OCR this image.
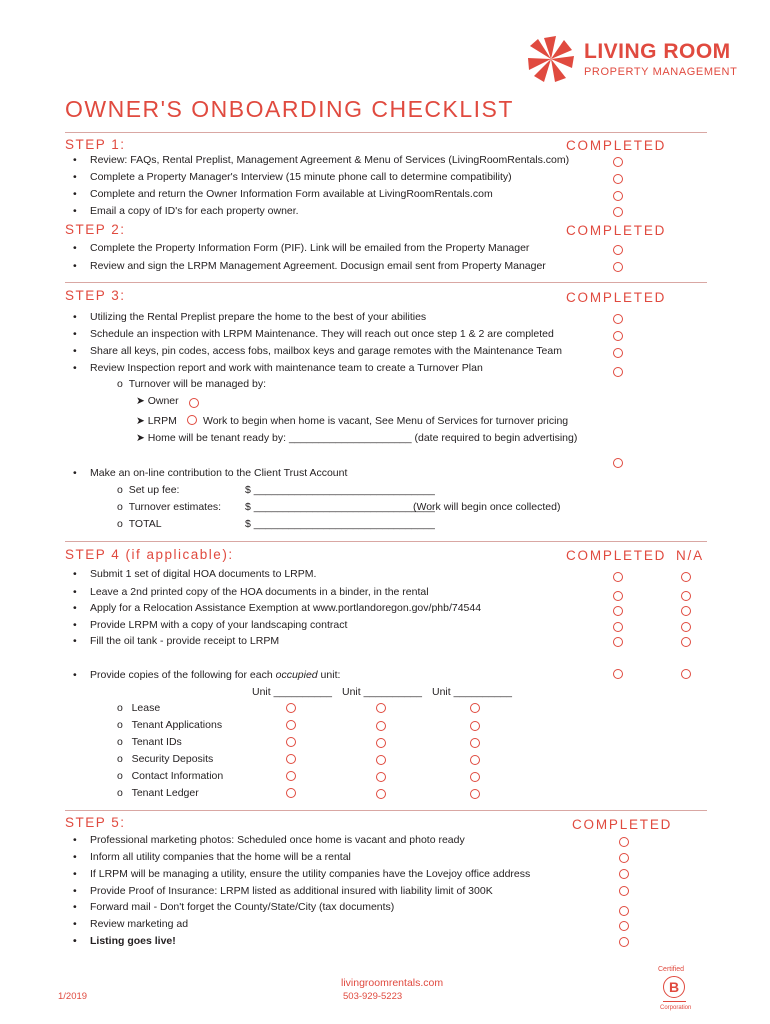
LIVING ROOM
PROPERTY MANAGEMENT
OWNER'S ONBOARDING CHECKLIST
STEP 1:	COMPLETED
• Review: FAQs, Rental Preplist, Management Agreement & Menu of Services (LivingRoomRentals.com)
• Complete a Property Manager's Interview (15 minute phone call to determine compatibility)
• Complete and return the Owner Information Form available at LivingRoomRentals.com
• Email a copy of ID's for each property owner.
STEP 2:	COMPLETED
• Complete the Property Information Form (PIF). Link will be emailed from the Property Manager
• Review and sign the LRPM Management Agreement. Docusign email sent from Property Manager
STEP 3:	COMPLETED
• Utilizing the Rental Preplist prepare the home to the best of your abilities
• Schedule an inspection with LRPM Maintenance. They will reach out once step 1 & 2 are completed
• Share all keys, pin codes, access fobs, mailbox keys and garage remotes with the Maintenance Team
• Review Inspection report and work with maintenance team to create a Turnover Plan
o  Turnover will be managed by:
➤ Owner
➤ LRPM Work to begin when home is vacant, See Menu of Services for turnover pricing
➤ Home will be tenant ready by: _____________________ (date required to begin advertising)
• Make an on-line contribution to the Client Trust Account
o  Set up fee:	$ _______________________________
o  Turnover estimates: $ _______________________________
(Work will begin once collected)
o  TOTAL	$ _______________________________
STEP 4 (if applicable):	COMPLETED N/A
• Submit 1 set of digital HOA documents to LRPM.
• Leave a 2nd printed copy of the HOA documents in a binder, in the rental
• Apply for a Relocation Assistance Exemption at www.portlandoregon.gov/phb/74544
• Provide LRPM with a copy of your landscaping contract
• Fill the oil tank - provide receipt to LRPM
• Provide copies of the following for each occupied unit:
Unit __________ Unit __________ Unit __________
o   Lease
o   Tenant Applications
o   Tenant IDs
o   Security Deposits
o   Contact Information
o   Tenant Ledger
STEP 5:	COMPLETED
• Professional marketing photos: Scheduled once home is vacant and photo ready
• Inform all utility companies that the home will be a rental
• If LRPM will be managing a utility, ensure the utility companies have the Lovejoy office address
• Provide Proof of Insurance: LRPM listed as additional insured with liability limit of 300K
• Forward mail - Don't forget the County/State/City (tax documents)
• Review marketing ad
• Listing goes live!
livingroomrentals.com
503-929-5223
1/2019
Certified
B
Corporation
